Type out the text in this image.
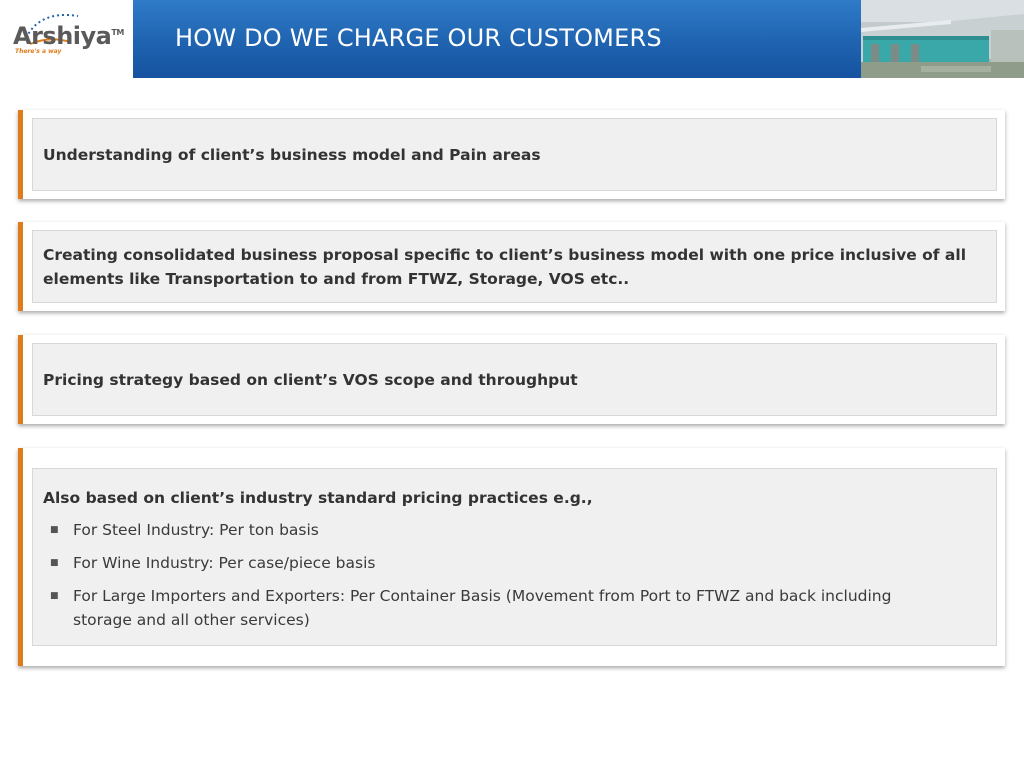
Arshiya™
There's a way	HOW DO WE CHARGE OUR CUSTOMERS
Understanding of client’s business model and Pain areas
Creating consolidated business proposal specific to client’s business model with one price inclusive of all elements like Transportation to and from FTWZ, Storage, VOS etc..
Pricing strategy based on client’s VOS scope and throughput
Also based on client’s industry standard pricing practices e.g.,
■ For Steel Industry: Per ton basis
■ For Wine Industry: Per case/piece basis
■ For Large Importers and Exporters: Per Container Basis (Movement from Port to FTWZ and back including storage and all other services)
